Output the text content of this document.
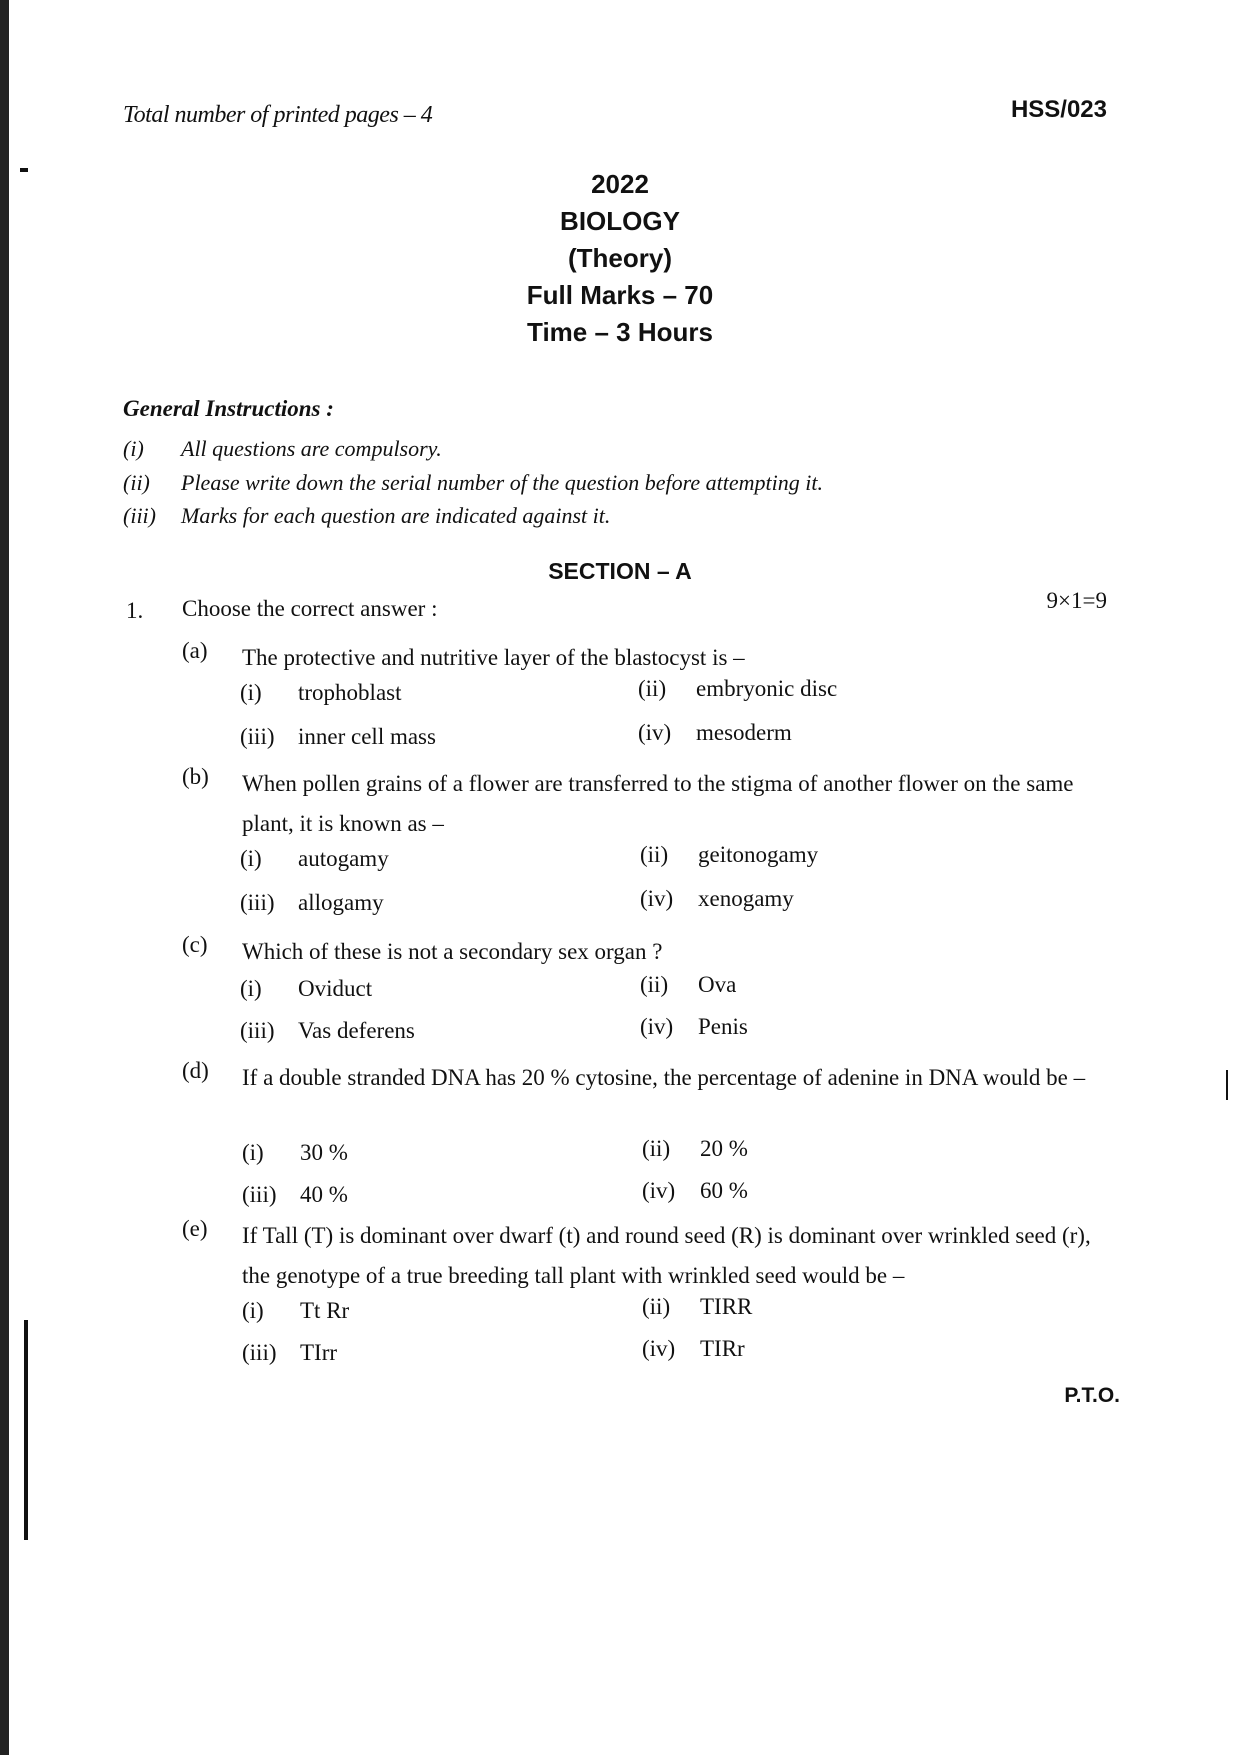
Total number of printed pages – 4	HSS/023
2022
BIOLOGY
(Theory)
Full Marks – 70
Time – 3 Hours
General Instructions :
(i) All questions are compulsory.
(ii) Please write down the serial number of the question before attempting it.
(iii) Marks for each question are indicated against it.
SECTION – A
1. Choose the correct answer :	9×1=9
(a) The protective and nutritive layer of the blastocyst is –
(i) trophoblast	(ii) embryonic disc
(iii) inner cell mass	(iv) mesoderm
(b) When pollen grains of a flower are transferred to the stigma of another flower on the same plant, it is known as –
(i) autogamy	(ii) geitonogamy
(iii) allogamy	(iv) xenogamy
(c) Which of these is not a secondary sex organ ?
(i) Oviduct	(ii) Ova
(iii) Vas deferens	(iv) Penis
(d) If a double stranded DNA has 20 % cytosine, the percentage of adenine in DNA would be –
(i) 30 %	(ii) 20 %
(iii) 40 %	(iv) 60 %
(e) If Tall (T) is dominant over dwarf (t) and round seed (R) is dominant over wrinkled seed (r), the genotype of a true breeding tall plant with wrinkled seed would be –
(i) Tt Rr	(ii) TIRR
(iii) TIrr	(iv) TIRr
P.T.O.
